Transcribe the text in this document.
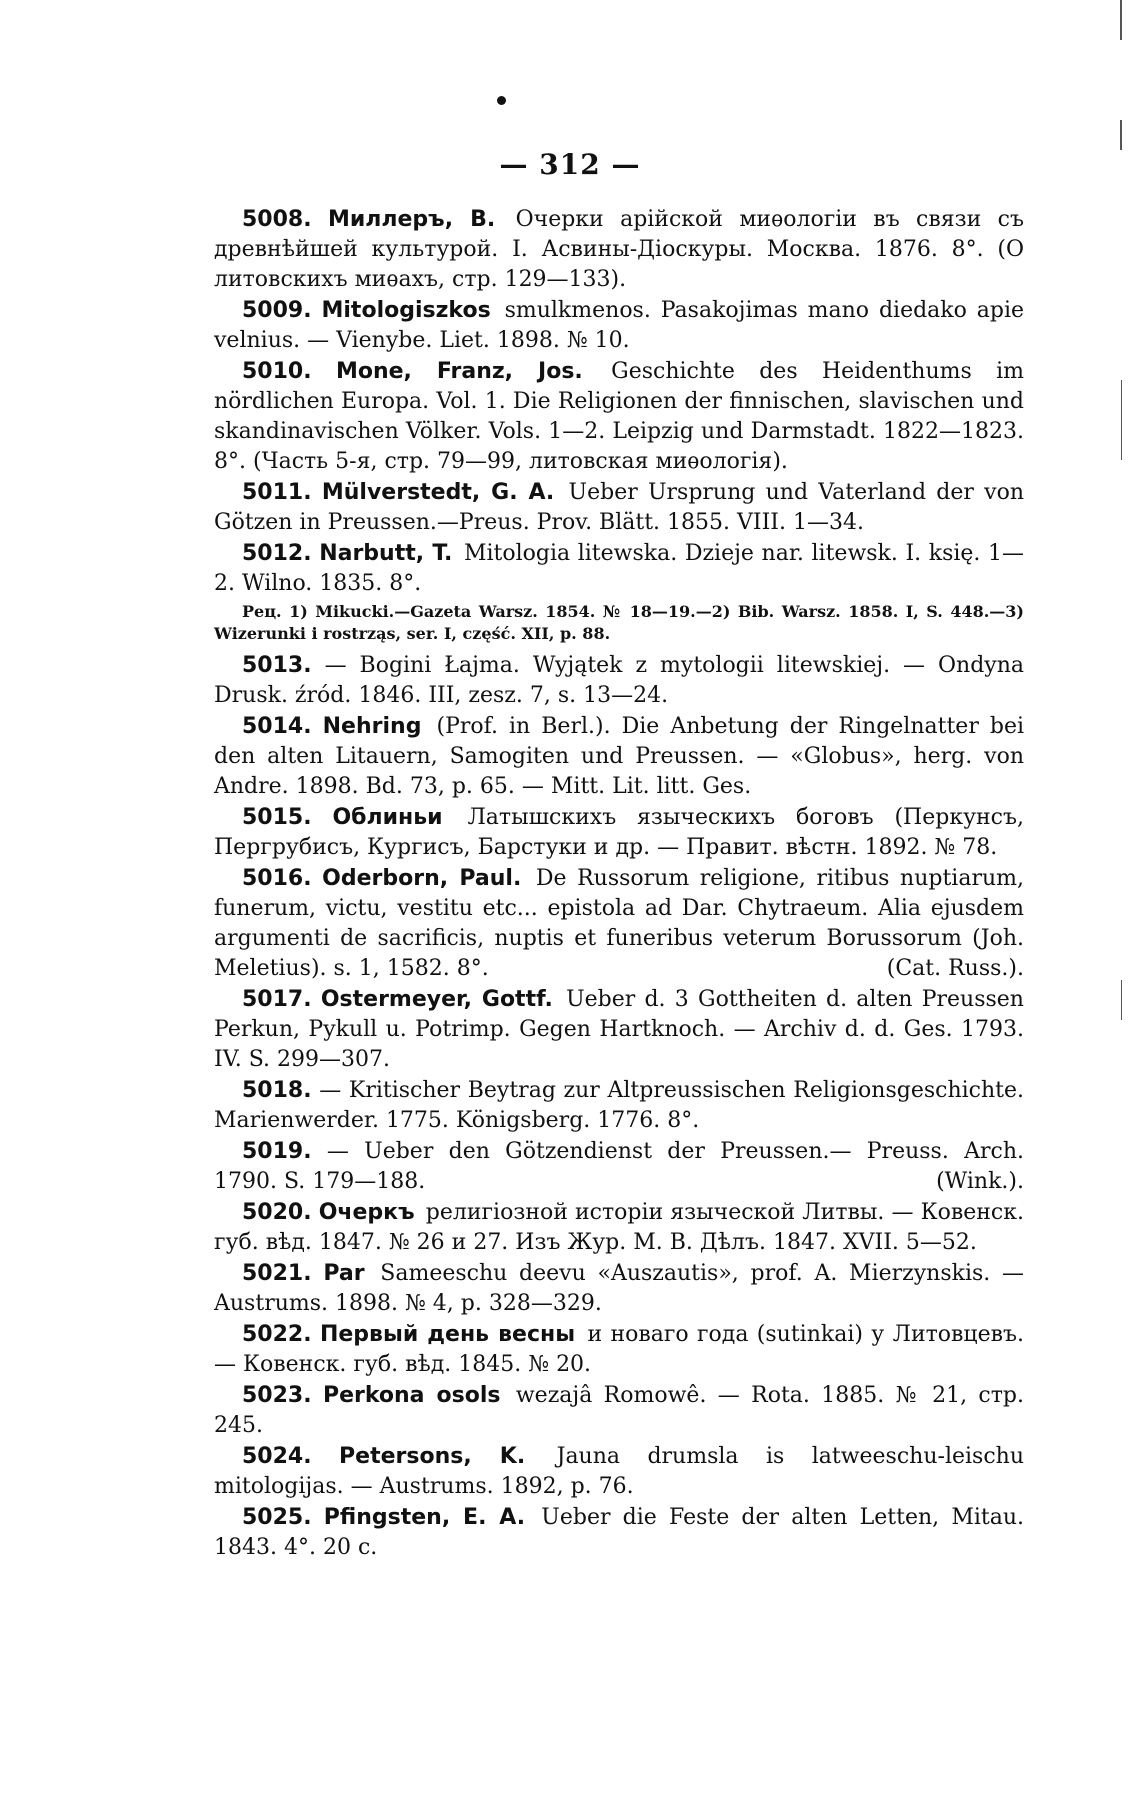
— 312 —

5008. Миллеръ, В. Очерки арійской миѳологіи въ связи съ древнѣйшей культурой. I. Асвины-Діоскуры. Москва. 1876. 8°. (О литовскихъ миѳахъ, стр. 129—133).

5009. Mitologiszkos smulkmenos. Pasakojimas mano diedako apie velnius. — Vienybe. Liet. 1898. № 10.

5010. Mone, Franz, Jos. Geschichte des Heidenthums im nördlichen Europa. Vol. 1. Die Religionen der finnischen, slavischen und skandinavischen Völker. Vols. 1—2. Leipzig und Darmstadt. 1822—1823. 8°. (Часть 5-я, стр. 79—99, литовская миѳологія).

5011. Mülverstedt, G. A. Ueber Ursprung und Vaterland der von Götzen in Preussen.—Preus. Prov. Blätt. 1855. VIII. 1—34.

5012. Narbutt, T. Mitologia litewska. Dzieje nar. litewsk. I. księ. 1—2. Wilno. 1835. 8°.

Рец. 1) Mikucki.—Gazeta Warsz. 1854. № 18—19.—2) Bib. Warsz. 1858. I, S. 448.—3) Wizerunki i rostrząs, ser. I, część. XII, p. 88.

5013. — Bogini Łajma. Wyjątek z mytologii litewskiej. — Ondyna Drusk. źród. 1846. III, zesz. 7, s. 13—24.

5014. Nehring (Prof. in Berl.). Die Anbetung der Ringelnatter bei den alten Litauern, Samogiten und Preussen. — «Globus», herg. von Andre. 1898. Bd. 73, p. 65. — Mitt. Lit. litt. Ges.

5015. Облиньи Латышскихъ языческихъ боговъ (Перкунсъ, Пергрубисъ, Кургисъ, Барстуки и др. — Правит. вѣстн. 1892. № 78.

5016. Oderborn, Paul. De Russorum religione, ritibus nuptiarum, funerum, victu, vestitu etc... epistola ad Dar. Chytraeum. Alia ejusdem argumenti de sacrificis, nuptis et funeribus veterum Borussorum (Joh. Meletius). s. 1, 1582. 8°.	(Cat. Russ.).

5017. Ostermeyer, Gottf. Ueber d. 3 Gottheiten d. alten Preussen Perkun, Pykull u. Potrimp. Gegen Hartknoch. — Archiv d. d. Ges. 1793. IV. S. 299—307.

5018. — Kritischer Beytrag zur Altpreussischen Religionsgeschichte. Marienwerder. 1775. Königsberg. 1776. 8°.

5019. — Ueber den Götzendienst der Preussen.— Preuss. Arch. 1790. S. 179—188.	(Wink.).

5020. Очеркъ религіозной исторіи языческой Литвы. — Ковенск. губ. вѣд. 1847. № 26 и 27. Изъ Жур. М. В. Дѣлъ. 1847. XVII. 5—52.

5021. Par Sameeschu deevu «Auszautis», prof. A. Mierzynskis. — Austrums. 1898. № 4, p. 328—329.

5022. Первый день весны и новаго года (sutinkai) у Литовцевъ. — Ковенск. губ. вѣд. 1845. № 20.

5023. Perkona osols wezajâ Romowê. — Rota. 1885. № 21, стр. 245.

5024. Petersons, K. Jauna drumsla is latweeschu-leischu mitologijas. — Austrums. 1892, p. 76.

5025. Pfingsten, E. A. Ueber die Feste der alten Letten, Mitau. 1843. 4°. 20 c.
